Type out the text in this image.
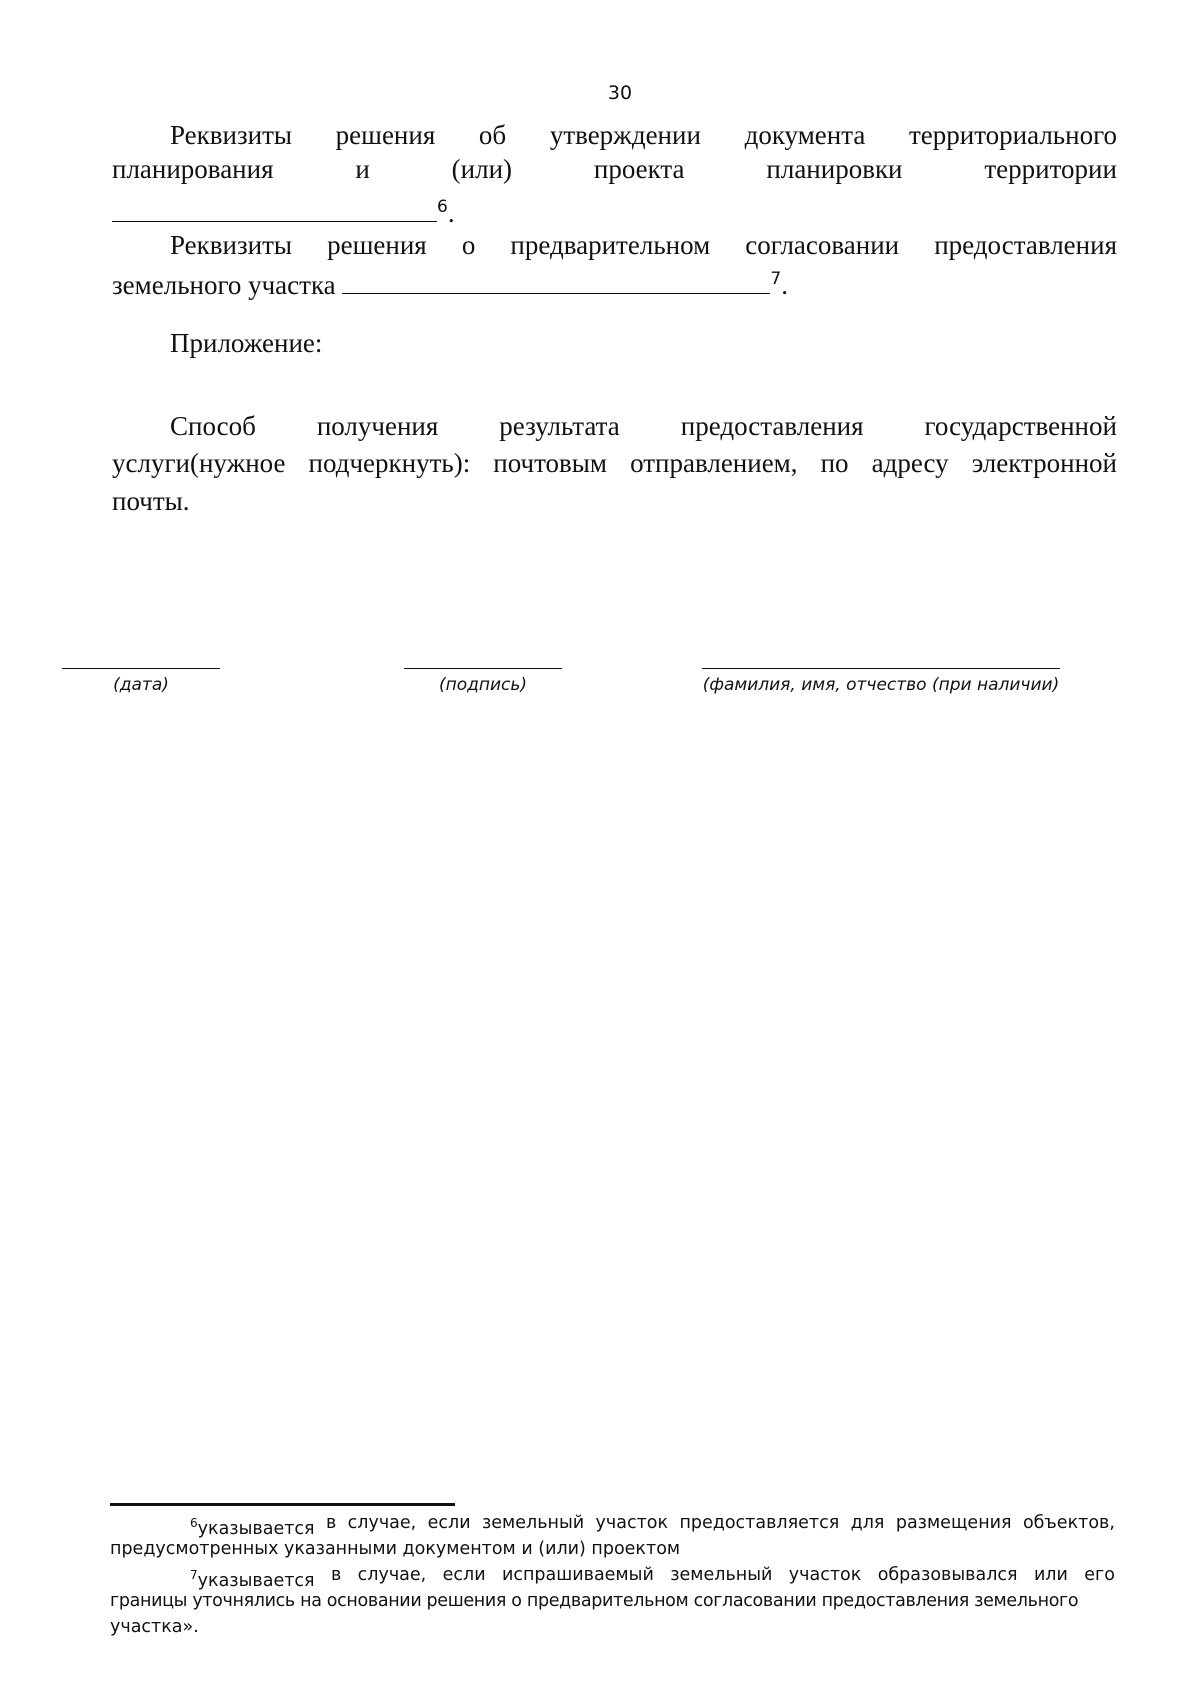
30
Реквизиты решения об утверждении документа территориального
планирования	и	(или)	проекта	планировки	территории
$^6$.
Реквизиты решения о предварительном согласовании предоставления
земельного участка	$^7$.
Приложение:
Способ получения результата предоставления государственной
услуги(нужное подчеркнуть): почтовым отправлением, по адресу электронной
почты.
(дата)	(подпись)	(фамилия, имя, отчество (при наличии)
$^6$указывается в случае, если земельный участок предоставляется для размещения объектов,
предусмотренных указанными документом и (или) проектом
$^7$указывается в случае, если испрашиваемый земельный участок образовывался или его
границы уточнялись на основании решения о предварительном согласовании предоставления земельного
участка».
